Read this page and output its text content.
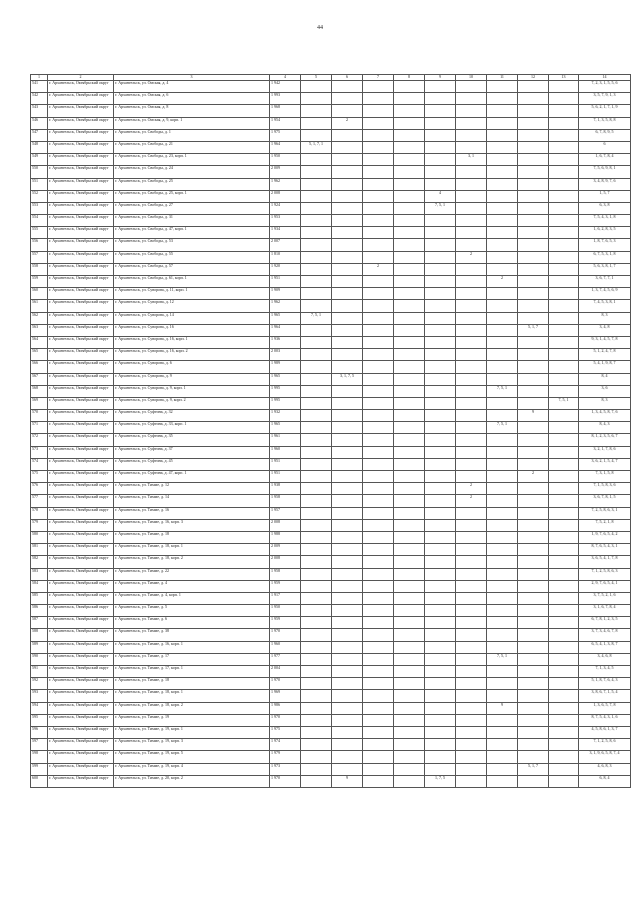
44
1	2	3	4	5	6	7	8	9	10	11	12	13	14
541	г. Архангельск, Октябрьский округ	г. Архангельск, ул. Омская, д. 4	1 942										7, 2, 3, 1, 5, 5, 6
542	г. Архангельск, Октябрьский округ	г. Архангельск, ул. Омская, д. 6	1 993										3, 5, 7, 9, 1, 3
543	г. Архангельск, Октябрьский округ	г. Архангельск, ул. Омская, д. 8	1 968										5, 6, 2, 1, 7, 1, 9
546	г. Архангельск, Октябрьский округ	г. Архангельск, ул. Омская, д. 9, корп. 1	1 954		2								7, 1, 3, 5, 8, 8
547	г. Архангельск, Октябрьский округ	г. Архангельск, ул. Свободы, д. 1	1 975										6, 7, 8, 9, 5
548	г. Архангельск, Октябрьский округ	г. Архангельск, ул. Свободы, д. 21	1 964	5, 1, 7, 1									6
549	г. Архангельск, Октябрьский округ	г. Архангельск, ул. Свободы, д. 23, корп. 1	1 950						3, 1				1, 6, 7, 8, 4
550	г. Архангельск, Октябрьский округ	г. Архангельск, ул. Свободы, д. 24	2 009										7, 5, 6, 9, 8, 1
551	г. Архангельск, Октябрьский округ	г. Архангельск, ул. Свободы, д. 25	1 962										3, 4, 8, 9, 7, 6
552	г. Архангельск, Октябрьский округ	г. Архангельск, ул. Свободы, д. 25, корп. 1	2 008					4					1, 5, 7
553	г. Архангельск, Октябрьский округ	г. Архангельск, ул. Свободы, д. 27	1 924					7, 5, 1					6, 3, 8
554	г. Архангельск, Октябрьский округ	г. Архангельск, ул. Свободы, д. 31	1 953										7, 5, 4, 3, 1, 8
555	г. Архангельск, Октябрьский округ	г. Архангельск, ул. Свободы, д. 47, корп. 1	1 934										1, 6, 2, 8, 3, 5
556	г. Архангельск, Октябрьский округ	г. Архангельск, ул. Свободы, д. 53	2 007										1, 8, 7, 6, 5, 3
557	г. Архангельск, Октябрьский округ	г. Архангельск, ул. Свободы, д. 55	1 810						2				6, 7, 5, 3, 1, 8
558	г. Архангельск, Октябрьский округ	г. Архангельск, ул. Свободы, д. 57	1 920			2							5, 6, 3, 8, 1, 7
559	г. Архангельск, Октябрьский округ	г. Архангельск, ул. Свободы, д. 61, корп. 1	1 951							2			3, 6, 7, 7, 1
560	г. Архангельск, Октябрьский округ	г. Архангельск, ул. Суворова, д. 11, корп. 1	1 909										1, 3, 7, 4, 5, 6, 9
561	г. Архангельск, Октябрьский округ	г. Архангельск, ул. Суворова, д. 12	1 962										7, 4, 5, 3, 8, 1
562	г. Архангельск, Октябрьский округ	г. Архангельск, ул. Суворова, д. 14	1 965	7, 5, 1									8, 3
563	г. Архангельск, Октябрьский округ	г. Архангельск, ул. Суворова, д. 16	1 964								5, 1, 7		3, 4, 8
564	г. Архангельск, Октябрьский округ	г. Архангельск, ул. Суворова, д. 16, корп. 1	1 936										9, 3, 1, 4, 5, 7, 8
565	г. Архангельск, Октябрьский округ	г. Архангельск, ул. Суворова, д. 16, корп. 2	2 003										5, 1, 2, 4, 7, 8
566	г. Архангельск, Октябрьский округ	г. Архангельск, ул. Суворова, д. 6	1 989										5, 4, 1, 9, 8, 7
567	г. Архангельск, Октябрьский округ	г. Архангельск, ул. Суворова, д. 9	1 965		3, 1, 7, 5								8, 4
568	г. Архангельск, Октябрьский округ	г. Архангельск, ул. Суворова, д. 9, корп. 1	1 995							7, 5, 1			3, 6
569	г. Архангельск, Октябрьский округ	г. Архангельск, ул. Суворова, д. 9, корп. 2	1 995									7, 5, 1	8, 3
570	г. Архангельск, Октябрьский округ	г. Архангельск, ул. Суфтина, д. 32	1 932								9		1, 3, 4, 5, 8, 7, 6
571	г. Архангельск, Октябрьский округ	г. Архангельск, ул. Суфтина, д. 33, корп. 1	1 965							7, 5, 1			8, 4, 3
572	г. Архангельск, Октябрьский округ	г. Архангельск, ул. Суфтина, д. 35	1 961										8, 1, 2, 3, 5, 6, 7
573	г. Архангельск, Октябрьский округ	г. Архангельск, ул. Суфтина, д. 37	1 960										3, 2, 1, 7, 8, 6
574	г. Архангельск, Октябрьский округ	г. Архангельск, ул. Суфтина, д. 45	1 951										3, 6, 2, 1, 5, 4, 7
575	г. Архангельск, Октябрьский округ	г. Архангельск, ул. Суфтина, д. 47, корп. 1	1 951								2		7, 3, 1, 5, 8
576	г. Архангельск, Октябрьский округ	г. Архангельск, ул. Тимме, д. 12	1 938						2				7, 1, 5, 8, 3, 6
577	г. Архангельск, Октябрьский округ	г. Архангельск, ул. Тимме, д. 14	1 958						2				3, 6, 7, 8, 1, 5
578	г. Архангельск, Октябрьский округ	г. Архангельск, ул. Тимме, д. 16	1 957										7, 2, 5, 8, 6, 3, 1
579	г. Архангельск, Октябрьский округ	г. Архангельск, ул. Тимме, д. 16, корп. 3	2 008										7, 5, 2, 1, 8
580	г. Архангельск, Октябрьский округ	г. Архангельск, ул. Тимме, д. 18	1 988										1, 9, 7, 6, 5, 4, 2
581	г. Архангельск, Октябрьский округ	г. Архангельск, ул. Тимме, д. 18, корп. 1	2 009										8, 7, 6, 5, 4, 3, 1
582	г. Архангельск, Октябрьский округ	г. Архангельск, ул. Тимме, д. 18, корп. 2	2 008										3, 6, 5, 4, 1, 7, 8
583	г. Архангельск, Октябрьский округ	г. Архангельск, ул. Тимме, д. 22	1 958										7, 1, 2, 5, 8, 6, 3
584	г. Архангельск, Октябрьский округ	г. Архангельск, ул. Тимме, д. 4	1 959										2, 9, 7, 6, 5, 4, 1
585	г. Архангельск, Октябрьский округ	г. Архангельск, ул. Тимме, д. 4, корп. 1	1 917										3, 7, 5, 2, 1, 6
586	г. Архангельск, Октябрьский округ	г. Архангельск, ул. Тимме, д. 5	1 950										3, 1, 6, 7, 8, 4
587	г. Архангельск, Октябрьский округ	г. Архангельск, ул. Тимме, д. 6	1 959										6, 7, 8, 1, 2, 3, 5
588	г. Архангельск, Октябрьский округ	г. Архангельск, ул. Тимме, д. 38	1 970										3, 7, 3, 4, 6, 7, 8
589	г. Архангельск, Октябрьский округ	г. Архангельск, ул. Тимме, д. 16, корп. 1	1 960										6, 5, 4, 1, 3, 8, 7
590	г. Архангельск, Октябрьский округ	г. Архангельск, ул. Тимме, д. 17	1 977							7, 5, 1			3, 4, 6, 8
591	г. Архангельск, Октябрьский округ	г. Архангельск, ул. Тимме, д. 17, корп. 1	2 004										7, 1, 3, 4, 5
592	г. Архангельск, Октябрьский округ	г. Архангельск, ул. Тимме, д. 18	1 970										5, 1, 8, 7, 6, 4, 3
593	г. Архангельск, Октябрьский округ	г. Архангельск, ул. Тимме, д. 18, корп. 1	1 969										3, 8, 6, 7, 1, 5, 4
594	г. Архангельск, Октябрьский округ	г. Архангельск, ул. Тимме, д. 18, корп. 2	1 986							9			1, 3, 6, 5, 7, 8
595	г. Архангельск, Октябрьский округ	г. Архангельск, ул. Тимме, д. 19	1 970										8, 7, 5, 4, 3, 1, 6
596	г. Архангельск, Октябрьский округ	г. Архангельск, ул. Тимме, д. 19, корп. 1	1 975										4, 5, 8, 6, 1, 3, 7
597	г. Архангельск, Октябрьский округ	г. Архангельск, ул. Тимме, д. 19, корп. 3	1 974										7, 1, 2, 5, 8, 6
598	г. Архангельск, Октябрьский округ	г. Архангельск, ул. Тимме, д. 19, корп. 5	1 979										3, 1, 9, 6, 5, 8, 7, 4
599	г. Архангельск, Октябрьский округ	г. Архангельск, ул. Тимме, д. 19, корп. 4	1 973								5, 1, 7		4, 6, 8, 3
600	г. Архангельск, Октябрьский округ	г. Архангельск, ул. Тимме, д. 20, корп. 2	1 970		9			1, 7, 5					6, 8, 4
